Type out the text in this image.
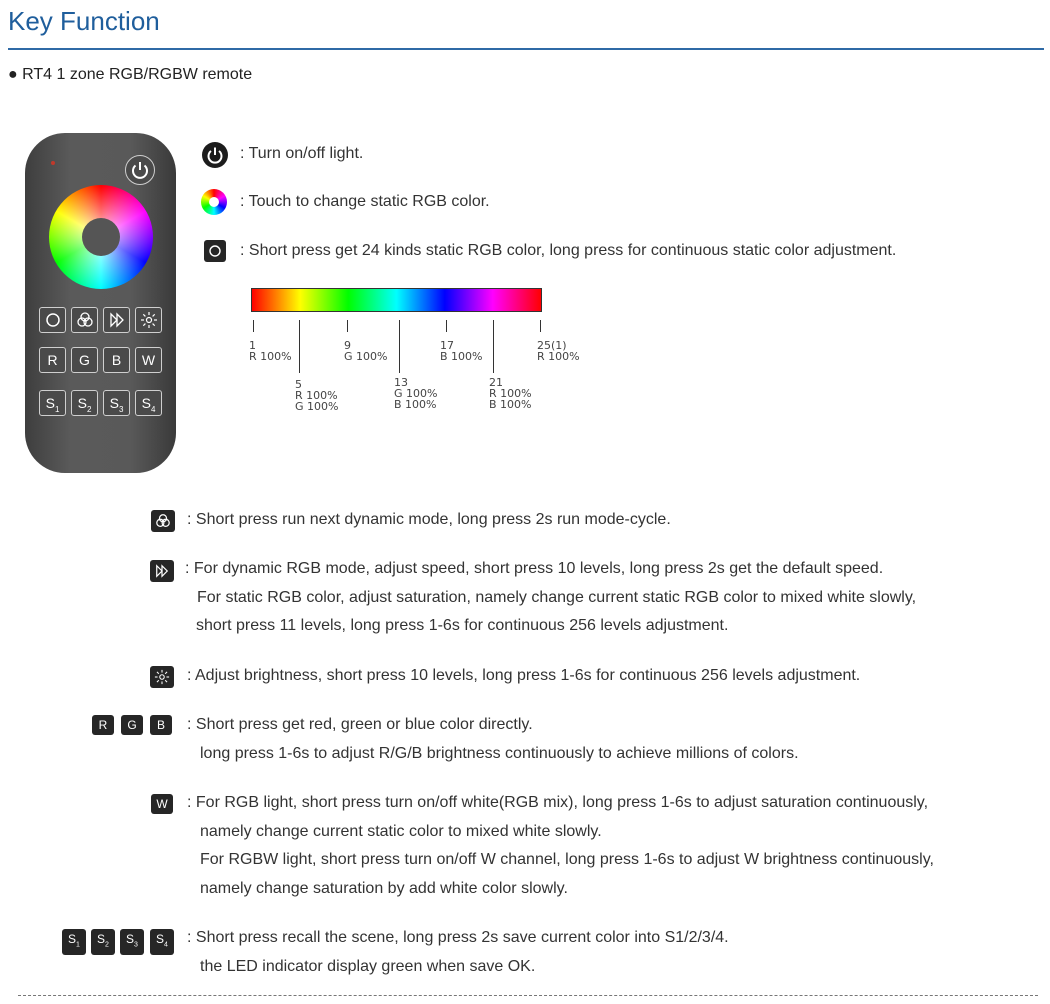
Key Function
● RT4 1 zone RGB/RGBW remote
R	G	B	W
$S_1$	$S_2$	$S_3$	$S_4$
: Turn on/off light.
: Touch to change static RGB color.
: Short press get 24 kinds static RGB color, long press for continuous static color adjustment.
1
R 100%
9
G 100%
17
B 100%
25(1)
R 100%
5
R 100%
G 100%
13
G 100%
B 100%
21
R 100%
B 100%
: Short press run next dynamic mode, long press 2s run mode-cycle.
: For dynamic RGB mode, adjust speed, short press 10 levels, long press 2s get the default speed.
For static RGB color, adjust saturation, namely change current static RGB color to mixed white slowly,
short press 11 levels, long press 1-6s for continuous 256 levels adjustment.
: Adjust brightness, short press 10 levels, long press 1-6s for continuous 256 levels adjustment.
R	G	B	: Short press get red, green or blue color directly.
long press 1-6s to adjust R/G/B brightness continuously to achieve millions of colors.
W	: For RGB light, short press turn on/off white(RGB mix), long press 1-6s to adjust saturation continuously,
namely change current static color to mixed white slowly.
For RGBW light, short press turn on/off W channel, long press 1-6s to adjust W brightness continuously,
namely change saturation by add white color slowly.
$S_1$	$S_2$	$S_3$	$S_4$	: Short press recall the scene, long press 2s save current color into S1/2/3/4.
the LED indicator display green when save OK.
